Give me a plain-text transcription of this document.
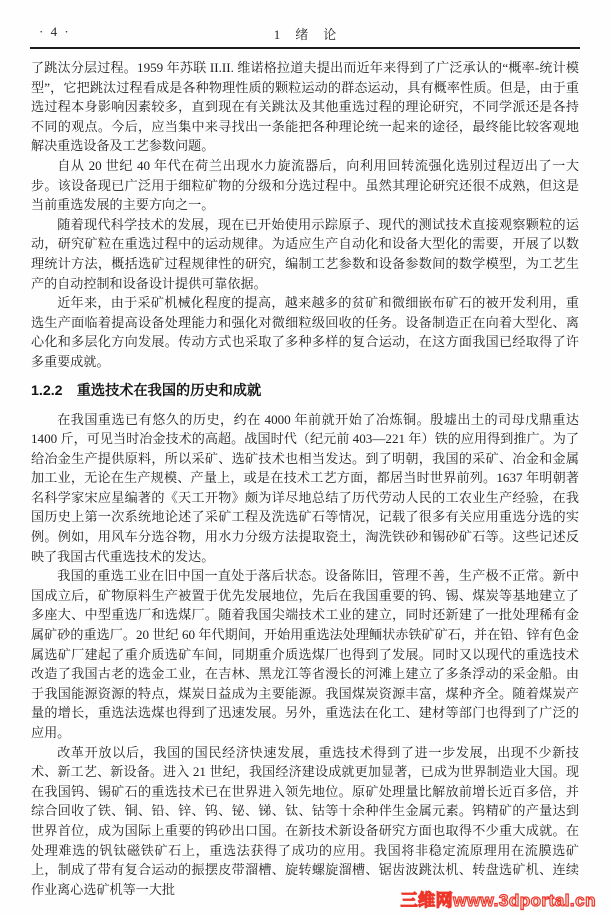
· 4 ·	1 绪 论

了跳汰分层过程。1959 年苏联 II.II. 维诺格拉道夫提出而近年来得到了广泛承认的“概率-统计模型”，它把跳汰过程看成是各种物理性质的颗粒运动的群态运动，具有概率性质。但是，由于重选过程本身影响因素较多，直到现在有关跳汰及其他重选过程的理论研究，不同学派还是各持不同的观点。今后，应当集中来寻找出一条能把各种理论统一起来的途径，最终能比较客观地解决重选设备及工艺参数问题。

自从 20 世纪 40 年代在荷兰出现水力旋流器后，向利用回转流强化选别过程迈出了一大步。该设备现已广泛用于细粒矿物的分级和分选过程中。虽然其理论研究还很不成熟，但这是当前重选发展的主要方向之一。

随着现代科学技术的发展，现在已开始使用示踪原子、现代的测试技术直接观察颗粒的运动，研究矿粒在重选过程中的运动规律。为适应生产自动化和设备大型化的需要，开展了以数理统计方法，概括选矿过程规律性的研究，编制工艺参数和设备参数间的数学模型，为工艺生产的自动控制和设备设计提供可靠依据。

近年来，由于采矿机械化程度的提高，越来越多的贫矿和微细嵌布矿石的被开发利用，重选生产面临着提高设备处理能力和强化对微细粒级回收的任务。设备制造正在向着大型化、离心化和多层化方向发展。传动方式也采取了多种多样的复合运动，在这方面我国已经取得了许多重要成就。

1.2.2　重选技术在我国的历史和成就

在我国重选已有悠久的历史，约在 4000 年前就开始了冶炼铜。殷墟出土的司母戊鼎重达 1400 斤，可见当时冶金技术的高超。战国时代（纪元前 403—221 年）铁的应用得到推广。为了给冶金生产提供原料，所以采矿、选矿技术也相当发达。到了明朝，我国的采矿、冶金和金属加工业，无论在生产规模、产量上，或是在技术工艺方面，都居当时世界前列。1637 年明朝著名科学家宋应星编著的《天工开物》颇为详尽地总结了历代劳动人民的工农业生产经验，在我国历史上第一次系统地论述了采矿工程及洗选矿石等情况，记载了很多有关应用重选分选的实例。例如，用风车分选谷物，用水力分级方法提取瓷土，淘洗铁砂和锡砂矿石等。这些记述反映了我国古代重选技术的发达。

我国的重选工业在旧中国一直处于落后状态。设备陈旧，管理不善，生产极不正常。新中国成立后，矿物原料生产被置于优先发展地位，先后在我国重要的钨、锡、煤炭等基地建立了多座大、中型重选厂和选煤厂。随着我国尖端技术工业的建立，同时还新建了一批处理稀有金属矿砂的重选厂。20 世纪 60 年代期间，开始用重选法处理鲕状赤铁矿矿石，并在铅、锌有色金属选矿厂建起了重介质选矿车间，同期重介质选煤厂也得到了发展。同时又以现代的重选技术改造了我国古老的选金工业，在吉林、黑龙江等省漫长的河滩上建立了多条浮动的采金船。由于我国能源资源的特点，煤炭日益成为主要能源。我国煤炭资源丰富，煤种齐全。随着煤炭产量的增长，重选法选煤也得到了迅速发展。另外，重选法在化工、建材等部门也得到了广泛的应用。

改革开放以后，我国的国民经济快速发展，重选技术得到了进一步发展，出现不少新技术、新工艺、新设备。进入 21 世纪，我国经济建设成就更加显著，已成为世界制造业大国。现在我国钨、锡矿石的重选技术已在世界进入领先地位。原矿处理量比解放前增长近百多倍，并综合回收了铁、铜、铅、锌、钨、铋、锑、钛、钴等十余种伴生金属元素。钨精矿的产量达到世界首位，成为国际上重要的钨砂出口国。在新技术新设备研究方面也取得不少重大成就。在处理难选的钒钛磁铁矿石上，重选法获得了成功的应用。我国将非稳定流原理用在流膜选矿上，制成了带有复合运动的振摆皮带溜槽、旋转螺旋溜槽、锯齿波跳汰机、转盘选矿机、连续作业离心选矿机等一大批

三维网www.3dportal.cn
